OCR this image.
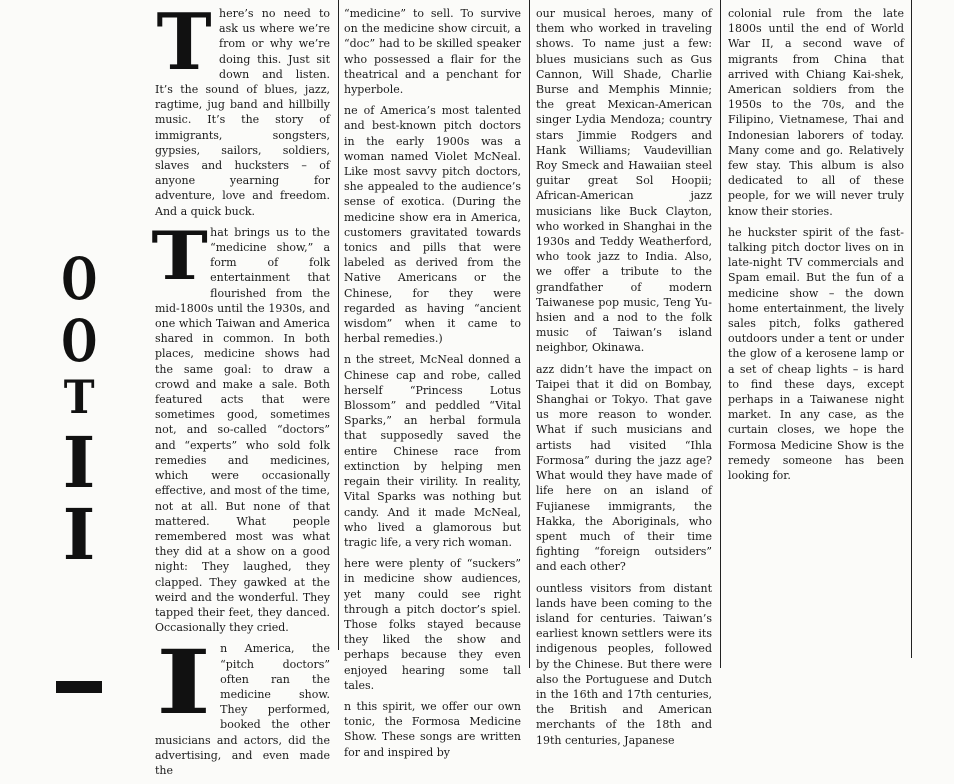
O
O
T
I
I

T here’s no need to ask us where we’re from or why we’re doing this. Just sit down and listen. It’s the sound of blues, jazz, ragtime, jug band and hillbilly music. It’s the story of immigrants, songsters, gypsies, sailors, soldiers, slaves and hucksters – of anyone yearning for adventure, love and freedom. And a quick buck.

T hat brings us to the “medicine show,” a form of folk entertainment that flourished from the mid-1800s until the 1930s, and one which Taiwan and America shared in common. In both places, medicine shows had the same goal: to draw a crowd and make a sale. Both featured acts that were sometimes good, sometimes not, and so-called “doctors” and “experts” who sold folk remedies and medicines, which were occasionally effective, and most of the time, not at all. But none of that mattered. What people remembered most was what they did at a show on a good night: They laughed, they clapped. They gawked at the weird and the wonderful. They tapped their feet, they danced. Occasionally they cried.

I n America, the “pitch doctors” often ran the medicine show. They performed, booked the other musicians and actors, did the advertising, and even made the

“medicine” to sell. To survive on the medicine show circuit, a “doc” had to be skilled speaker who possessed a flair for the theatrical and a penchant for hyperbole.

ne of America’s most talented and best-known pitch doctors in the early 1900s was a woman named Violet McNeal. Like most savvy pitch doctors, she appealed to the audience’s sense of exotica. (During the medicine show era in America, customers gravitated towards tonics and pills that were labeled as derived from the Native Americans or the Chinese, for they were regarded as having “ancient wisdom” when it came to herbal remedies.)

n the street, McNeal donned a Chinese cap and robe, called herself “Princess Lotus Blossom” and peddled “Vital Sparks,” an herbal formula that supposedly saved the entire Chinese race from extinction by helping men regain their virility. In reality, Vital Sparks was nothing but candy. And it made McNeal, who lived a glamorous but tragic life, a very rich woman.

here were plenty of “suckers” in medicine show audiences, yet many could see right through a pitch doctor’s spiel. Those folks stayed because they liked the show and perhaps because they even enjoyed hearing some tall tales.

n this spirit, we offer our own tonic, the Formosa Medicine Show. These songs are written for and inspired by

our musical heroes, many of them who worked in traveling shows. To name just a few: blues musicians such as Gus Cannon, Will Shade, Charlie Burse and Memphis Minnie; the great Mexican-American singer Lydia Mendoza; country stars Jimmie Rodgers and Hank Williams; Vaudevillian Roy Smeck and Hawaiian steel guitar great Sol Hoopii; African-American jazz musicians like Buck Clayton, who worked in Shanghai in the 1930s and Teddy Weatherford, who took jazz to India. Also, we offer a tribute to the grandfather of modern Taiwanese pop music, Teng Yu-hsien and a nod to the folk music of Taiwan’s island neighbor, Okinawa.

azz didn’t have the impact on Taipei that it did on Bombay, Shanghai or Tokyo. That gave us more reason to wonder. What if such musicians and artists had visited “Ihla Formosa” during the jazz age? What would they have made of life here on an island of Fujianese immigrants, the Hakka, the Aboriginals, who spent much of their time fighting “foreign outsiders” and each other?

ountless visitors from distant lands have been coming to the island for centuries. Taiwan’s earliest known settlers were its indigenous peoples, followed by the Chinese. But there were also the Portuguese and Dutch in the 16th and 17th centuries, the British and American merchants of the 18th and 19th centuries, Japanese

colonial rule from the late 1800s until the end of World War II, a second wave of migrants from China that arrived with Chiang Kai-shek, American soldiers from the 1950s to the 70s, and the Filipino, Vietnamese, Thai and Indonesian laborers of today. Many come and go. Relatively few stay. This album is also dedicated to all of these people, for we will never truly know their stories.

he huckster spirit of the fast-talking pitch doctor lives on in late-night TV commercials and Spam email. But the fun of a medicine show – the down home entertainment, the lively sales pitch, folks gathered outdoors under a tent or under the glow of a kerosene lamp or a set of cheap lights – is hard to find these days, except perhaps in a Taiwanese night market. In any case, as the curtain closes, we hope the Formosa Medicine Show is the remedy someone has been looking for.
